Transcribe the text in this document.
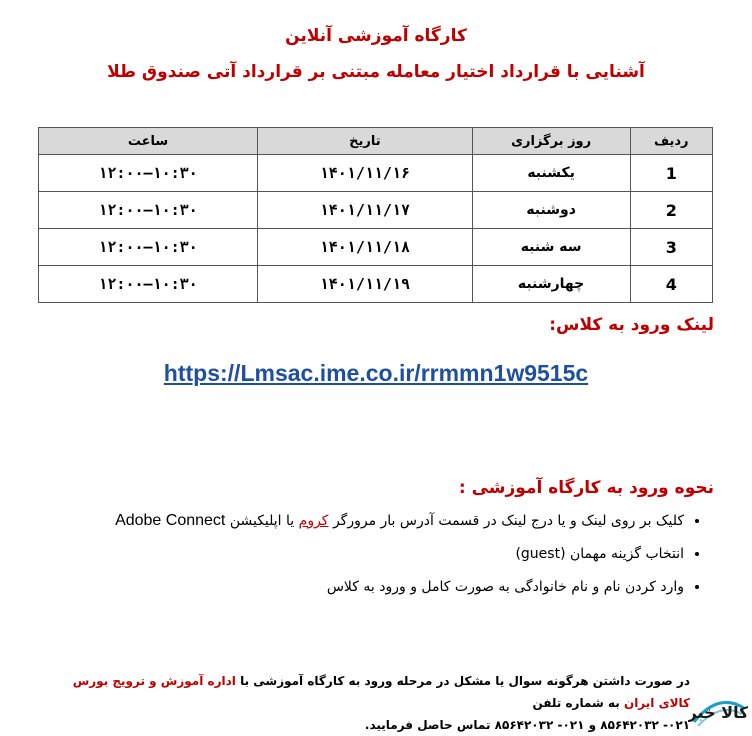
کارگاه آموزشی آنلاین
آشنایی با قرارداد اختیار معامله مبتنی بر قرارداد آتی صندوق طلا
ردیف	روز برگزاری	تاریخ	ساعت
1	یکشنبه	۱۴۰۱/۱۱/۱۶	۱۰:۳۰–۱۲:۰۰
2	دوشنبه	۱۴۰۱/۱۱/۱۷	۱۰:۳۰–۱۲:۰۰
3	سه شنبه	۱۴۰۱/۱۱/۱۸	۱۰:۳۰–۱۲:۰۰
4	چهارشنبه	۱۴۰۱/۱۱/۱۹	۱۰:۳۰–۱۲:۰۰
لینک ورود به کلاس:
https://Lmsac.ime.co.ir/rrmmn1w9515c
نحوه ورود به کارگاه آموزشی :
• کلیک بر روی لینک و یا درج لینک در قسمت آدرس بار مرورگر کروم یا اپلیکیشن Adobe Connect
• انتخاب گزینه مهمان (guest)
• وارد کردن نام و نام خانوادگی به صورت کامل و ورود به کلاس
در صورت داشتن هرگونه سوال یا مشکل در مرحله ورود به کارگاه آموزشی با اداره آموزش و ترویج بورس کالای ایران به شماره تلفن
۰۲۱- ۸۵۶۴۲۰۳۲ و ۰۲۱- ۸۵۶۴۲۰۳۲ تماس حاصل فرمایید.
کالا خبر
